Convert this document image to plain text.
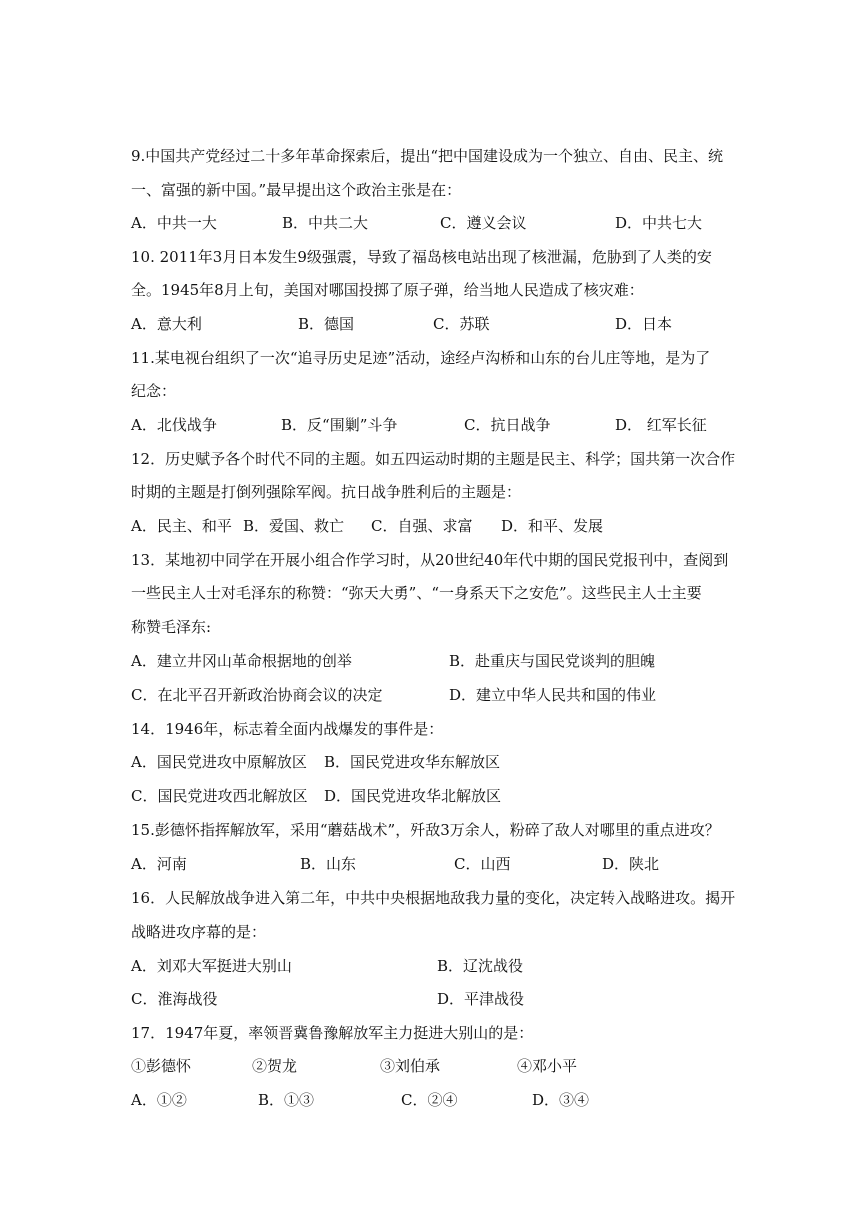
9.中国共产党经过二十多年革命探索后，提出“把中国建设成为一个独立、自由、民主、统
一、富强的新中国。”最早提出这个政治主张是在：
A．中共一大	B．中共二大	C．遵义会议	D．中共七大
10. 2011年3月日本发生9级强震，导致了福岛核电站出现了核泄漏，危胁到了人类的安
全。1945年8月上旬，美国对哪国投掷了原子弹，给当地人民造成了核灾难：
A．意大利	B．德国	C．苏联	D．日本
11.某电视台组织了一次“追寻历史足迹”活动，途经卢沟桥和山东的台儿庄等地，是为了
纪念：
A．北伐战争	B．反“围剿”斗争	C．抗日战争	D． 红军长征
12．历史赋予各个时代不同的主题。如五四运动时期的主题是民主、科学；国共第一次合作
时期的主题是打倒列强除军阀。抗日战争胜利后的主题是：
A．民主、和平 B．爱国、救亡 C．自强、求富 D．和平、发展
13．某地初中同学在开展小组合作学习时，从20世纪40年代中期的国民党报刊中，查阅到
一些民主人士对毛泽东的称赞：“弥天大勇”、“一身系天下之安危”。这些民主人士主要
称赞毛泽东:
A．建立井冈山革命根据地的创举	B．赴重庆与国民党谈判的胆魄
C．在北平召开新政治协商会议的决定	D．建立中华人民共和国的伟业
14．1946年，标志着全面内战爆发的事件是：
A．国民党进攻中原解放区 B．国民党进攻华东解放区
C．国民党进攻西北解放区 D．国民党进攻华北解放区
15.彭德怀指挥解放军，采用“蘑菇战术”，歼敌3万余人，粉碎了敌人对哪里的重点进攻？
A．河南	B．山东	C．山西	D．陕北
16．人民解放战争进入第二年，中共中央根据地敌我力量的变化，决定转入战略进攻。揭开
战略进攻序幕的是：
A．刘邓大军挺进大别山	B．辽沈战役
C．淮海战役	D．平津战役
17．1947年夏，率领晋冀鲁豫解放军主力挺进大别山的是：
①彭德怀	②贺龙	③刘伯承	④邓小平
A．①②	B．①③	C．②④	D．③④
